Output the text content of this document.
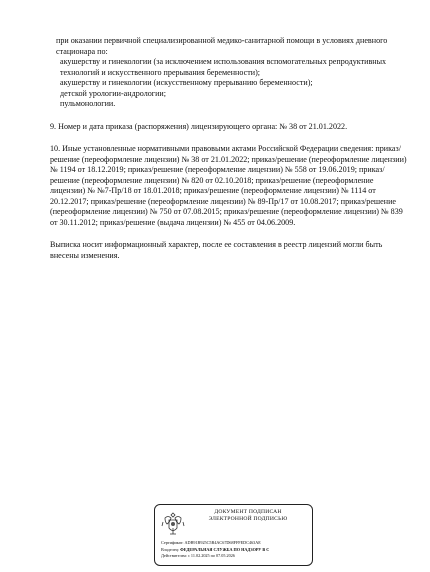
при оказании первичной специализированной медико-санитарной помощи в условиях дневного стационара по:

акушерству и гинекологии (за исключением использования вспомогательных репродуктивных технологий и искусственного прерывания беременности);

акушерству и гинекологии (искусственному прерыванию беременности);

детской урологии-андрологии;

пульмонологии.

9. Номер и дата приказа (распоряжения) лицензирующего органа: № 38 от 21.01.2022.

10. Иные установленные нормативными правовыми актами Российской Федерации сведения: приказ/решение (переоформление лицензии) № 38 от 21.01.2022; приказ/решение (переоформление лицензии) № 1194 от 18.12.2019; приказ/решение (переоформление лицензии) № 558 от 19.06.2019; приказ/решение (переоформление лицензии) № 820 от 02.10.2018; приказ/решение (переоформление лицензии) № №7-Пр/18 от 18.01.2018; приказ/решение (переоформление лицензии) № 1114 от 20.12.2017; приказ/решение (переоформление лицензии) № 89-Пр/17 от 10.08.2017; приказ/решение (переоформление лицензии) № 750 от 07.08.2015; приказ/решение (переоформление лицензии) № 839 от 30.11.2012; приказ/решение (выдача лицензии) № 455 от 04.06.2009.

Выписка носит информационный характер, после ее составления в реестр лицензий могли быть внесены изменения.

ДОКУМЕНТ ПОДПИСАН
ЭЛЕКТРОННОЙ ПОДПИСЬЮ
Сертификат: ADB91B925C5B4AC67D68FFFEDC463AE
Владелец: ФЕДЕРАЛЬНАЯ СЛУЖБА ПО НАДЗОРУ В С
Действителен: с 11.02.2025 по 07.05.2026
